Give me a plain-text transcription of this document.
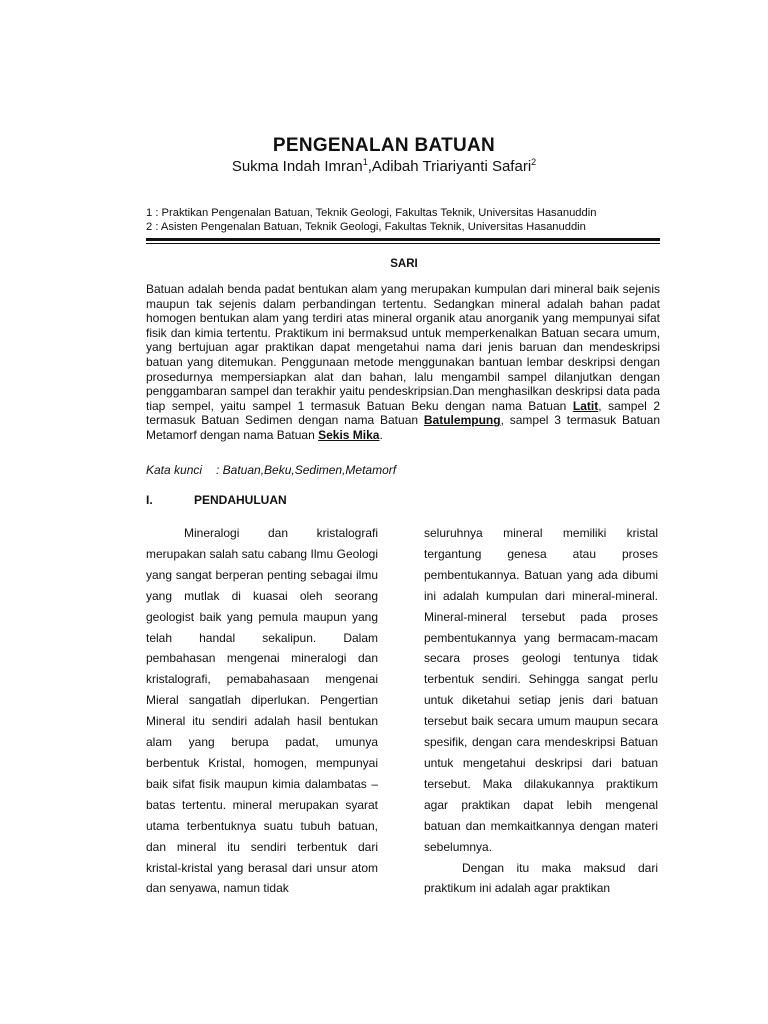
PENGENALAN BATUAN
Sukma Indah Imran$^1$,Adibah Triariyanti Safari$^2$
1 : Praktikan Pengenalan Batuan, Teknik Geologi, Fakultas Teknik, Universitas Hasanuddin
2 : Asisten Pengenalan Batuan, Teknik Geologi, Fakultas Teknik, Universitas Hasanuddin
SARI
Batuan adalah benda padat bentukan alam yang merupakan kumpulan dari mineral baik sejenis maupun tak sejenis dalam perbandingan tertentu. Sedangkan mineral adalah bahan padat homogen bentukan alam yang terdiri atas mineral organik atau anorganik yang mempunyai sifat fisik dan kimia tertentu. Praktikum ini bermaksud untuk memperkenalkan Batuan secara umum, yang bertujuan agar praktikan dapat mengetahui nama dari jenis baruan dan mendeskripsi batuan yang ditemukan. Penggunaan metode menggunakan bantuan lembar deskripsi dengan prosedurnya mempersiapkan alat dan bahan, lalu mengambil sampel dilanjutkan dengan penggambaran sampel dan terakhir yaitu pendeskripsian.Dan menghasilkan deskripsi data pada tiap sempel, yaitu sampel 1 termasuk Batuan Beku dengan nama Batuan Latit, sampel 2 termasuk Batuan Sedimen dengan nama Batuan Batulempung, sampel 3 termasuk Batuan Metamorf dengan nama Batuan Sekis Mika.
Kata kunci : Batuan,Beku,Sedimen,Metamorf
I.	PENDAHULUAN

Mineralogi dan kristalografi merupakan salah satu cabang Ilmu Geologi yang sangat berperan penting sebagai ilmu yang mutlak di kuasai oleh seorang geologist baik yang pemula maupun yang telah handal sekalipun. Dalam pembahasan mengenai mineralogi dan kristalografi, pemabahasaan mengenai Mieral sangatlah diperlukan. Pengertian Mineral itu sendiri adalah hasil bentukan alam yang berupa padat, umunya berbentuk Kristal, homogen, mempunyai baik sifat fisik maupun kimia dalambatas – batas tertentu. mineral merupakan syarat utama terbentuknya suatu tubuh batuan, dan mineral itu sendiri terbentuk dari kristal-kristal yang berasal dari unsur atom dan senyawa, namun tidak

seluruhnya mineral memiliki kristal tergantung genesa atau proses pembentukannya. Batuan yang ada dibumi ini adalah kumpulan dari mineral-mineral. Mineral-mineral tersebut pada proses pembentukannya yang bermacam-macam secara proses geologi tentunya tidak terbentuk sendiri. Sehingga sangat perlu untuk diketahui setiap jenis dari batuan tersebut baik secara umum maupun secara spesifik, dengan cara mendeskripsi Batuan untuk mengetahui deskripsi dari batuan tersebut. Maka dilakukannya praktikum agar praktikan dapat lebih mengenal batuan dan memkaitkannya dengan materi sebelumnya.

Dengan itu maka maksud dari praktikum ini adalah agar praktikan
